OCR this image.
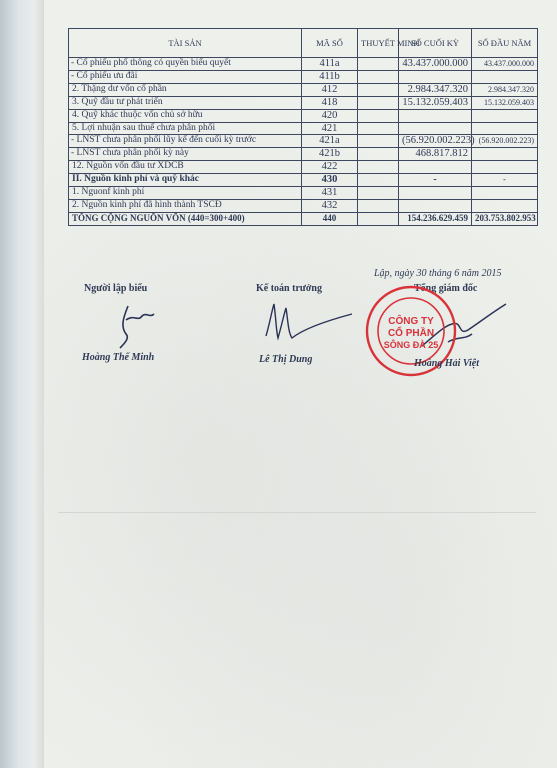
TÀI SẢN	MÃ SỐ	THUYẾT MINH	SỐ CUỐI KỲ	SỐ ĐẦU NĂM
- Cổ phiếu phổ thông có quyền biểu quyết	411a		43.437.000.000	43.437.000.000
- Cổ phiếu ưu đãi	411b			
2. Thặng dư vốn cổ phần	412		2.984.347.320	2.984.347.320
3. Quỹ đầu tư phát triển	418		15.132.059.403	15.132.059.403
4. Quỹ khác thuộc vốn chủ sở hữu	420			
5. Lợi nhuận sau thuế chưa phân phối	421			
- LNST chưa phân phối lũy kế đến cuối kỳ trước	421a		(56.920.002.223)	(56.920.002.223)
- LNST chưa phân phối kỳ này	421b		468.817.812	
12. Nguồn vốn đầu tư XDCB	422			
II. Nguồn kinh phí và quỹ khác	430		-	-
1. Nguonf kinh phí	431			
2. Nguồn kinh phí đã hình thành TSCĐ	432			
TỔNG CỘNG NGUỒN VỐN (440=300+400)	440		154.236.629.459	203.753.802.953
Lập, ngày 30 tháng 6 năm 2015
Người lập biểu	Kế toán trưởng	Tổng giám đốc
CÔNG TY
CỔ PHẦN
SÔNG ĐÀ 25
Hoàng Thế Minh	Lê Thị Dung	Hoàng Hải Việt
